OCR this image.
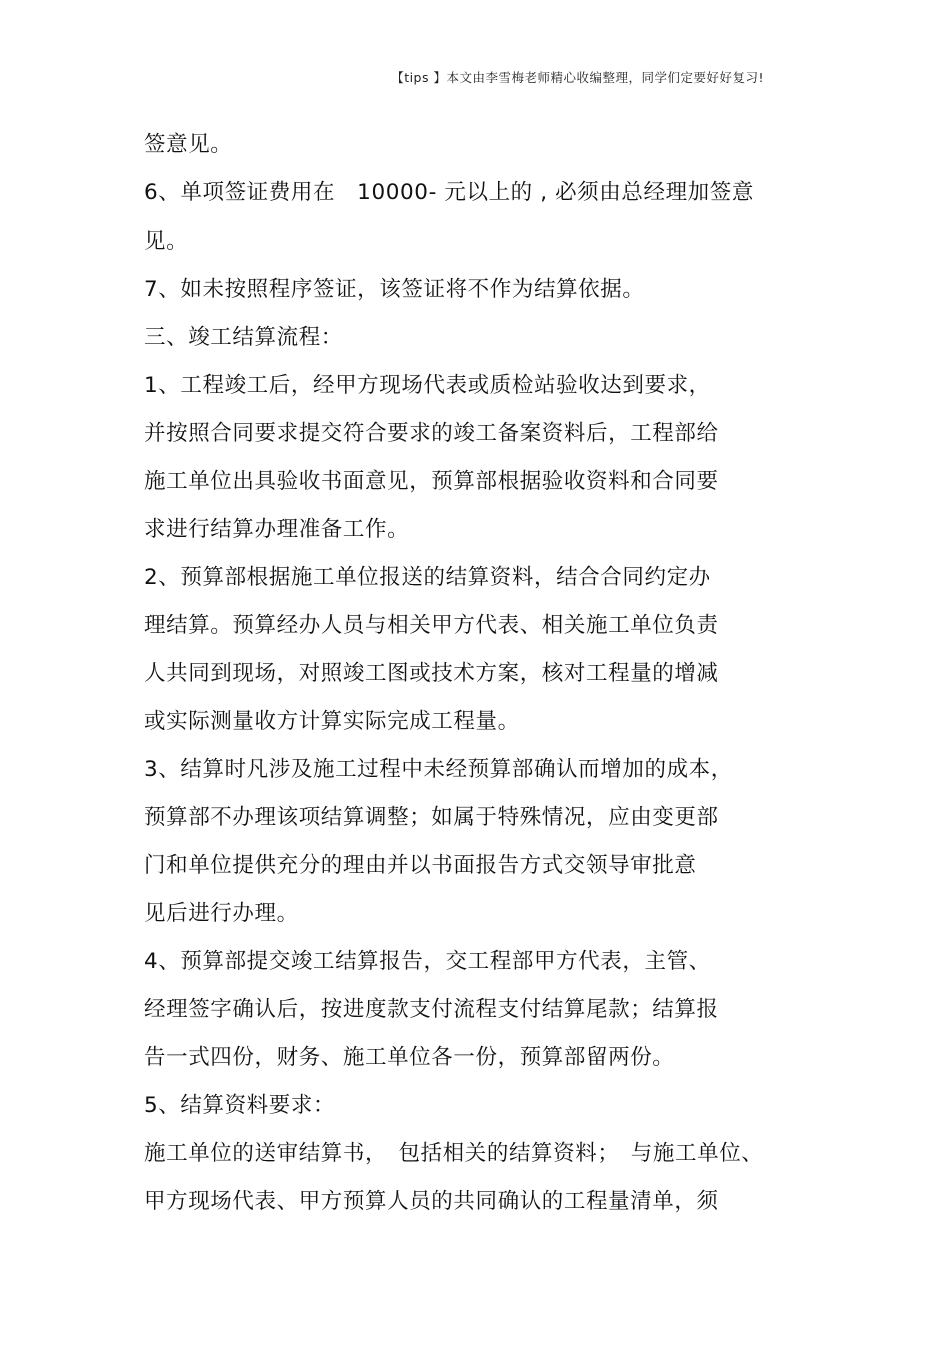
【tips 】本文由李雪梅老师精心收编整理，同学们定要好好复习!
签意见。
6、单项签证费用在　10000- 元以上的 , 必须由总经理加签意
见。
7、如未按照程序签证，该签证将不作为结算依据。
三、竣工结算流程：
1、工程竣工后，经甲方现场代表或质检站验收达到要求，
并按照合同要求提交符合要求的竣工备案资料后，工程部给
施工单位出具验收书面意见，预算部根据验收资料和合同要
求进行结算办理准备工作。
2、预算部根据施工单位报送的结算资料，结合合同约定办
理结算。预算经办人员与相关甲方代表、相关施工单位负责
人共同到现场，对照竣工图或技术方案，核对工程量的增减
或实际测量收方计算实际完成工程量。
3、结算时凡涉及施工过程中未经预算部确认而增加的成本，
预算部不办理该项结算调整；如属于特殊情况，应由变更部
门和单位提供充分的理由并以书面报告方式交领导审批意
见后进行办理。
4、预算部提交竣工结算报告，交工程部甲方代表，主管、
经理签字确认后，按进度款支付流程支付结算尾款；结算报
告一式四份，财务、施工单位各一份，预算部留两份。
5、结算资料要求：
施工单位的送审结算书，　包括相关的结算资料；　与施工单位、
甲方现场代表、甲方预算人员的共同确认的工程量清单，须
